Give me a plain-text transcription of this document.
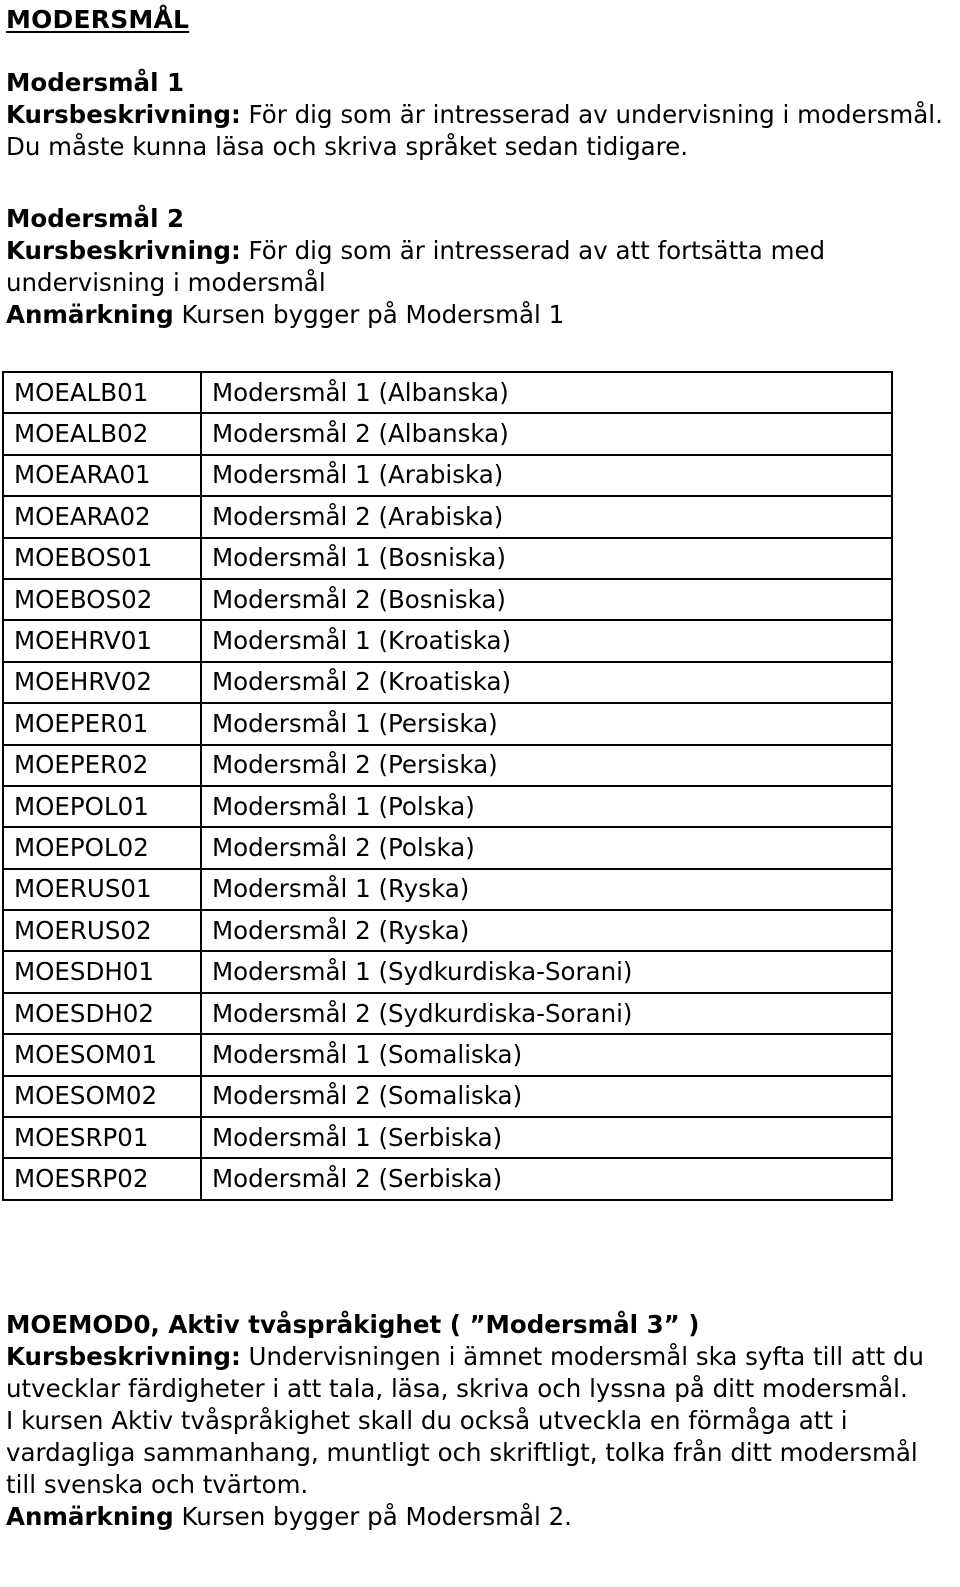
MODERSMÅL

Modersmål 1

Kursbeskrivning: För dig som är intresserad av undervisning i modersmål. Du måste kunna läsa och skriva språket sedan tidigare.

Modersmål 2

Kursbeskrivning: För dig som är intresserad av att fortsätta med undervisning i modersmål

Anmärkning Kursen bygger på Modersmål 1

MOEALB01	Modersmål 1 (Albanska)
MOEALB02	Modersmål 2 (Albanska)
MOEARA01	Modersmål 1 (Arabiska)
MOEARA02	Modersmål 2 (Arabiska)
MOEBOS01	Modersmål 1 (Bosniska)
MOEBOS02	Modersmål 2 (Bosniska)
MOEHRV01	Modersmål 1 (Kroatiska)
MOEHRV02	Modersmål 2 (Kroatiska)
MOEPER01	Modersmål 1 (Persiska)
MOEPER02	Modersmål 2 (Persiska)
MOEPOL01	Modersmål 1 (Polska)
MOEPOL02	Modersmål 2 (Polska)
MOERUS01	Modersmål 1 (Ryska)
MOERUS02	Modersmål 2 (Ryska)
MOESDH01	Modersmål 1 (Sydkurdiska-Sorani)
MOESDH02	Modersmål 2 (Sydkurdiska-Sorani)
MOESOM01	Modersmål 1 (Somaliska)
MOESOM02	Modersmål 2 (Somaliska)
MOESRP01	Modersmål 1 (Serbiska)
MOESRP02	Modersmål 2 (Serbiska)

MOEMOD0, Aktiv tvåspråkighet ( ”Modersmål 3” )

Kursbeskrivning: Undervisningen i ämnet modersmål ska syfta till att du utvecklar färdigheter i att tala, läsa, skriva och lyssna på ditt modersmål.

I kursen Aktiv tvåspråkighet skall du också utveckla en förmåga att i vardagliga sammanhang, muntligt och skriftligt, tolka från ditt modersmål till svenska och tvärtom.

Anmärkning Kursen bygger på Modersmål 2.
